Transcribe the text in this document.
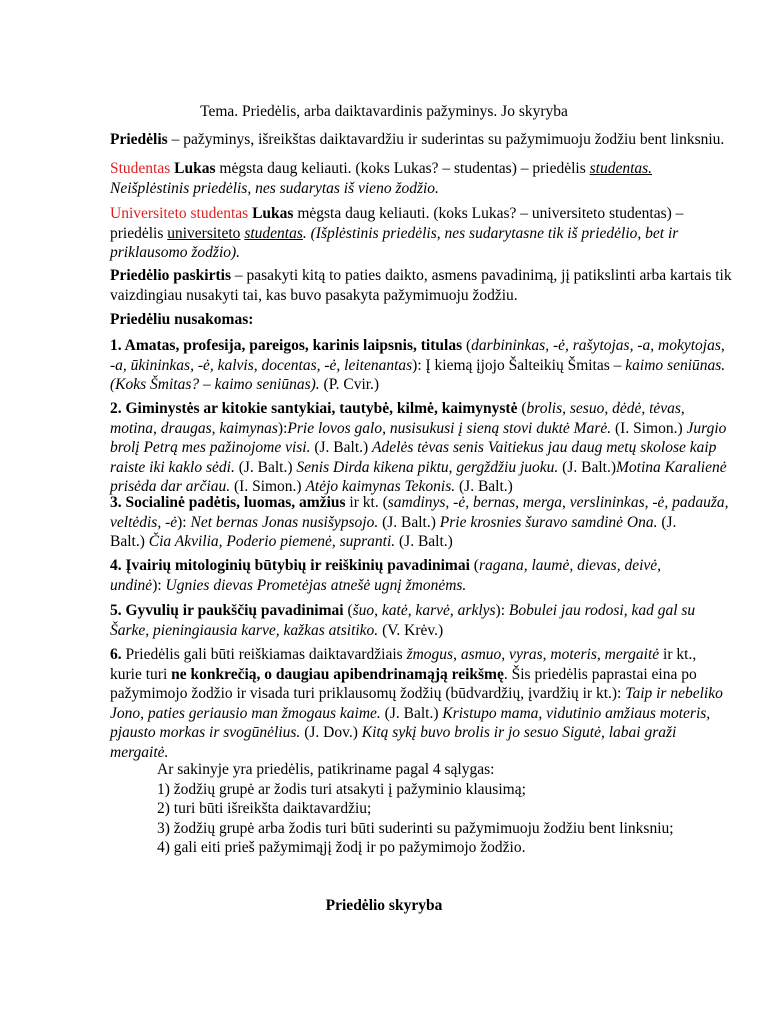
Tema. Priedėlis, arba daiktavardinis pažyminys. Jo skyryba
Priedėlis – pažyminys, išreikštas daiktavardžiu ir suderintas su pažymimuoju žodžiu bent linksniu.
Studentas Lukas mėgsta daug keliauti. (koks Lukas? – studentas) – priedėlis studentas.
Neišplėstinis priedėlis, nes sudarytas iš vieno žodžio.
Universiteto studentas Lukas mėgsta daug keliauti. (koks Lukas? – universiteto studentas) –
priedėlis universiteto studentas. (Išplėstinis priedėlis, nes sudarytasne tik iš priedėlio, bet ir
priklausomo žodžio).
Priedėlio paskirtis – pasakyti kitą to paties daikto, asmens pavadinimą, jį patikslinti arba kartais tik
vaizdingiau nusakyti tai, kas buvo pasakyta pažymimuoju žodžiu.
Priedėliu nusakomas:
1. Amatas, profesija, pareigos, karinis laipsnis, titulas (darbininkas, -ė, rašytojas, -a, mokytojas,
-a, ūkininkas, -ė, kalvis, docentas, -ė, leitenantas): Į kiemą įjojo Šalteikių Šmitas – kaimo seniūnas.
(Koks Šmitas? – kaimo seniūnas). (P. Cvir.)
2. Giminystės ar kitokie santykiai, tautybė, kilmė, kaimynystė (brolis, sesuo, dėdė, tėvas,
motina, draugas, kaimynas):Prie lovos galo, nusisukusi į sieną stovi duktė Marė. (I. Simon.) Jurgio
brolį Petrą mes pažinojome visi. (J. Balt.) Adelės tėvas senis Vaitiekus jau daug metų skolose kaip
raiste iki kaklo sėdi. (J. Balt.) Senis Dirda kikena piktu, gergždžiu juoku. (J. Balt.)Motina Karalienė
prisėda dar arčiau. (I. Simon.) Atėjo kaimynas Tekonis. (J. Balt.)
3. Socialinė padėtis, luomas, amžius ir kt. (samdinys, -ė, bernas, merga, verslininkas, -ė, padauža,
veltėdis, -ė): Net bernas Jonas nusišypsojo. (J. Balt.) Prie krosnies šuravo samdinė Ona. (J.
Balt.) Čia Akvilia, Poderio piemenė, supranti. (J. Balt.)
4. Įvairių mitologinių būtybių ir reiškinių pavadinimai (ragana, laumė, dievas, deivė,
undinė): Ugnies dievas Prometėjas atnešė ugnį žmonėms.
5. Gyvulių ir paukščių pavadinimai (šuo, katė, karvė, arklys): Bobulei jau rodosi, kad gal su
Šarke, pieningiausia karve, kažkas atsitiko. (V. Krėv.)
6. Priedėlis gali būti reiškiamas daiktavardžiais žmogus, asmuo, vyras, moteris, mergaitė ir kt.,
kurie turi ne konkrečią, o daugiau apibendrinamąją reikšmę. Šis priedėlis paprastai eina po
pažymimojo žodžio ir visada turi priklausomų žodžių (būdvardžių, įvardžių ir kt.): Taip ir nebeliko
Jono, paties geriausio man žmogaus kaime. (J. Balt.) Kristupo mama, vidutinio amžiaus moteris,
pjausto morkas ir svogūnėlius. (J. Dov.) Kitą sykį buvo brolis ir jo sesuo Sigutė, labai graži
mergaitė.
Ar sakinyje yra priedėlis, patikriname pagal 4 sąlygas:
1) žodžių grupė ar žodis turi atsakyti į pažyminio klausimą;
2) turi būti išreikšta daiktavardžiu;
3) žodžių grupė arba žodis turi būti suderinti su pažymimuoju žodžiu bent linksniu;
4) gali eiti prieš pažymimąjį žodį ir po pažymimojo žodžio.
Priedėlio skyryba
